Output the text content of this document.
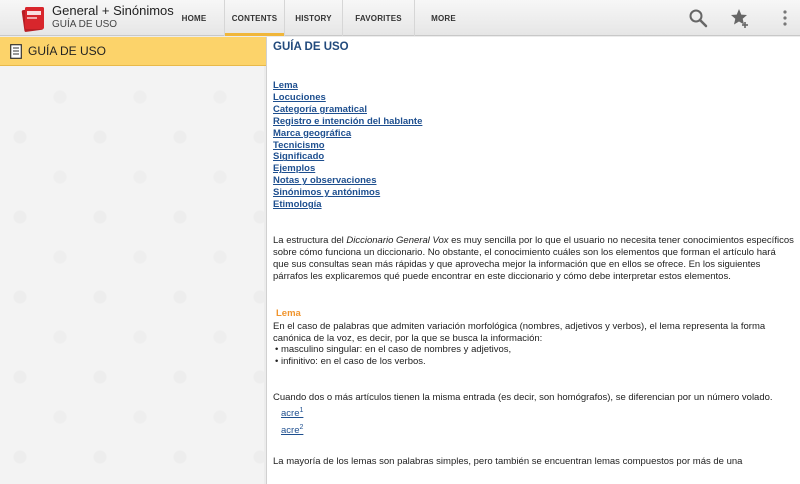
General + Sinónimos
GUÍA DE USO
HOME	CONTENTS	HISTORY	FAVORITES	MORE
GUÍA DE USO	GUÍA DE USO
Lema
Locuciones
Categoría gramatical
Registro e intención del hablante
Marca geográfica
Tecnicismo
Significado
Ejemplos
Notas y observaciones
Sinónimos y antónimos
Etimología

La estructura del Diccionario General Vox es muy sencilla por lo que el usuario no necesita tener conocimientos específicos sobre cómo funciona un diccionario. No obstante, el conocimiento cuáles son los elementos que forman el artículo hará que sus consultas sean más rápidas y que aprovecha mejor la información que en ellos se ofrece. En los siguientes párrafos les explicaremos qué puede encontrar en este diccionario y cómo debe interpretar estos elementos.

Lema

En el caso de palabras que admiten variación morfológica (nombres, adjetivos y verbos), el lema representa la forma canónica de la voz, es decir, por la que se busca la información:

• masculino singular: en el caso de nombres y adjetivos,
• infinitivo: en el caso de los verbos.

Cuando dos o más artículos tienen la misma entrada (es decir, son homógrafos), se diferencian por un número volado.

acre$^1$
acre$^2$

La mayoría de los lemas son palabras simples, pero también se encuentran lemas compuestos por más de una
